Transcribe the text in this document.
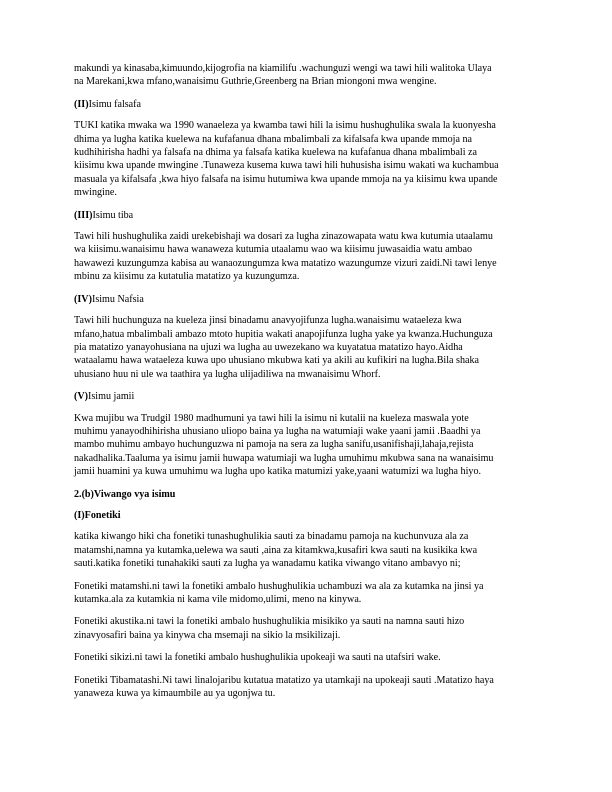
makundi ya kinasaba,kimuundo,kijogrofia na kiamilifu .wachunguzi wengi wa tawi hili walitoka Ulaya
na Marekani,kwa mfano,wanaisimu Guthrie,Greenberg na Brian miongoni mwa wengine.

(II)Isimu falsafa

TUKI katika mwaka wa 1990 wanaeleza ya kwamba tawi hili la isimu hushughulika swala la kuonyesha
dhima ya lugha katika kuelewa na kufafanua dhana mbalimbali za kifalsafa kwa upande mmoja na
kudhihirisha hadhi ya falsafa na dhima ya falsafa katika kuelewa na kufafanua dhana mbalimbali za
kiisimu kwa upande mwingine .Tunaweza kusema kuwa tawi hili huhusisha isimu wakati wa kuchambua
masuala ya kifalsafa ,kwa hiyo falsafa na isimu hutumiwa kwa upande mmoja na ya kiisimu kwa upande
mwingine.

(III)Isimu tiba

Tawi hili hushughulika zaidi urekebishaji wa dosari za lugha zinazowapata watu kwa kutumia utaalamu
wa kiisimu.wanaisimu hawa wanaweza kutumia utaalamu wao wa kiisimu juwasaidia watu ambao
hawawezi kuzungumza kabisa au wanaozungumza kwa matatizo wazungumze vizuri zaidi.Ni tawi lenye
mbinu za kiisimu za kutatulia matatizo ya kuzungumza.

(IV)Isimu Nafsia

Tawi hili huchunguza na kueleza jinsi binadamu anavyojifunza lugha.wanaisimu wataeleza kwa
mfano,hatua mbalimbali ambazo mtoto hupitia wakati anapojifunza lugha yake ya kwanza.Huchunguza
pia matatizo yanayohusiana na ujuzi wa lugha au uwezekano wa kuyatatua matatizo hayo.Aidha
wataalamu hawa wataeleza kuwa upo uhusiano mkubwa kati ya akili au kufikiri na lugha.Bila shaka
uhusiano huu ni ule wa taathira ya lugha ulijadiliwa na mwanaisimu Whorf.

(V)Isimu jamii

Kwa mujibu wa Trudgil 1980 madhumuni ya tawi hili la isimu ni kutalii na kueleza maswala yote
muhimu yanayodhihirisha uhusiano uliopo baina ya lugha na watumiaji wake yaani jamii .Baadhi ya
mambo muhimu ambayo huchunguzwa ni pamoja na sera za lugha sanifu,usanifishaji,lahaja,rejista
nakadhalika.Taaluma ya isimu jamii huwapa watumiaji wa lugha umuhimu mkubwa sana na wanaisimu
jamii huamini ya kuwa umuhimu wa lugha upo katika matumizi yake,yaani watumizi wa lugha hiyo.

2.(b)Viwango vya isimu

(I)Fonetiki

katika kiwango hiki cha fonetiki tunashughulikia sauti za binadamu pamoja na kuchunvuza ala za
matamshi,namna ya kutamka,uelewa wa sauti ,aina za kitamkwa,kusafiri kwa sauti na kusikika kwa
sauti.katika fonetiki tunahakiki sauti za lugha ya wanadamu katika viwango vitano ambavyo ni;

Fonetiki matamshi.ni tawi la fonetiki ambalo hushughulikia uchambuzi wa ala za kutamka na jinsi ya
kutamka.ala za kutamkia ni kama vile midomo,ulimi, meno na kinywa.

Fonetiki akustika.ni tawi la fonetiki ambalo hushughulikia misikiko ya sauti na namna sauti hizo
zinavyosafiri baina ya kinywa cha msemaji na sikio la msikilizaji.

Fonetiki sikizi.ni tawi la fonetiki ambalo hushughulikia upokeaji wa sauti na utafsiri wake.

Fonetiki Tibamatashi.Ni tawi linalojaribu kutatua matatizo ya utamkaji na upokeaji sauti .Matatizo haya
yanaweza kuwa ya kimaumbile au ya ugonjwa tu.
